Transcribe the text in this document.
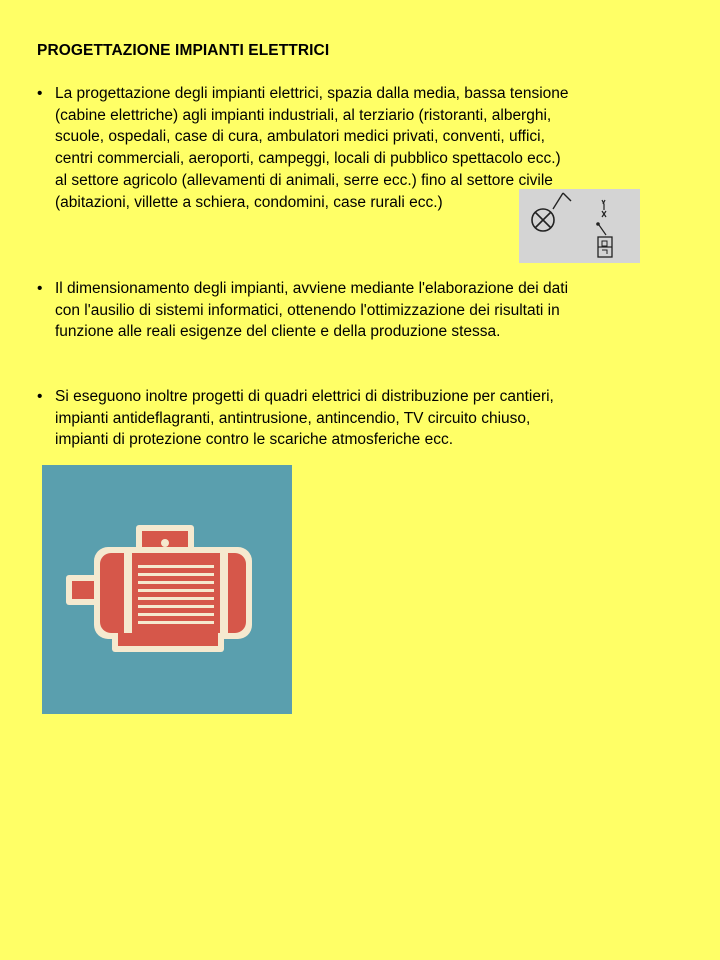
PROGETTAZIONE IMPIANTI ELETTRICI
• La progettazione degli impianti elettrici, spazia dalla media, bassa tensione
(cabine elettriche) agli impianti industriali, al terziario (ristoranti, alberghi,
scuole, ospedali, case di cura, ambulatori medici privati, conventi, uffici,
centri commerciali, aeroporti, campeggi, locali di pubblico spettacolo ecc.)
al settore agricolo (allevamenti di animali, serre ecc.) fino al settore civile
(abitazioni, villette a schiera, condomini, case rurali ecc.)
• Il dimensionamento degli impianti, avviene mediante l'elaborazione dei dati
con l'ausilio di sistemi informatici, ottenendo l'ottimizzazione dei risultati in
funzione alle reali esigenze del cliente e della produzione stessa.
• Si eseguono inoltre progetti di quadri elettrici di distribuzione per cantieri,
impianti antideflagranti, antintrusione, antincendio, TV circuito chiuso,
impianti di protezione contro le scariche atmosferiche ecc.
